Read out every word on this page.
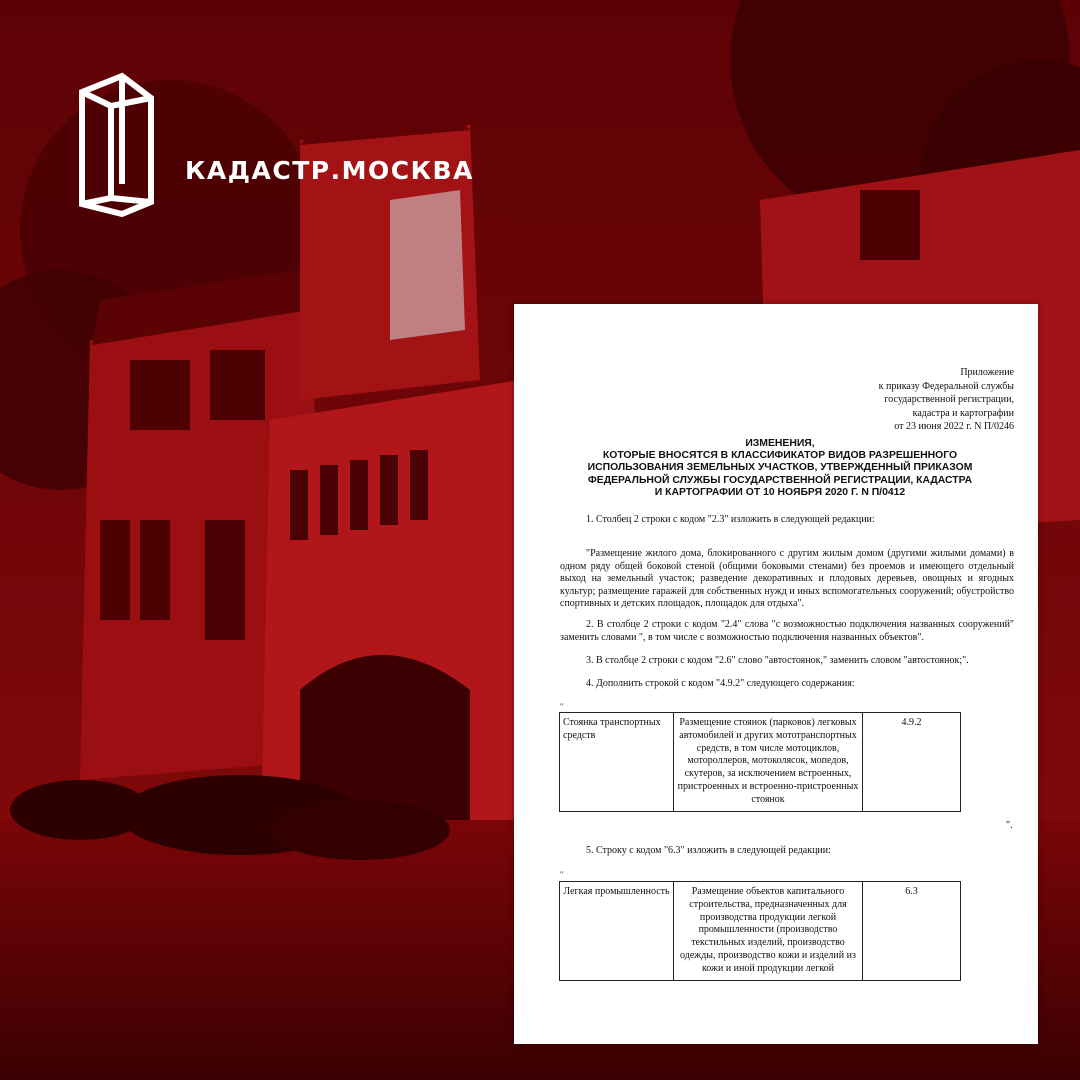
КАДАСТР.МОСКВА
Приложение
к приказу Федеральной службы
государственной регистрации,
кадастра и картографии
от 23 июня 2022 г. N П/0246
ИЗМЕНЕНИЯ,
КОТОРЫЕ ВНОСЯТСЯ В КЛАССИФИКАТОР ВИДОВ РАЗРЕШЕННОГО
ИСПОЛЬЗОВАНИЯ ЗЕМЕЛЬНЫХ УЧАСТКОВ, УТВЕРЖДЕННЫЙ ПРИКАЗОМ
ФЕДЕРАЛЬНОЙ СЛУЖБЫ ГОСУДАРСТВЕННОЙ РЕГИСТРАЦИИ, КАДАСТРА
И КАРТОГРАФИИ ОТ 10 НОЯБРЯ 2020 Г. N П/0412
1. Столбец 2 строки с кодом "2.3" изложить в следующей редакции:
"Размещение жилого дома, блокированного с другим жилым домом (другими жилыми домами) в одном ряду общей боковой стеной (общими боковыми стенами) без проемов и имеющего отдельный выход на земельный участок; разведение декоративных и плодовых деревьев, овощных и ягодных культур; размещение гаражей для собственных нужд и иных вспомогательных сооружений; обустройство спортивных и детских площадок, площадок для отдыха".
2. В столбце 2 строки с кодом "2.4" слова "с возможностью подключения названных сооружений" заменить словами ", в том числе с возможностью подключения названных объектов".
3. В столбце 2 строки с кодом "2.6" слово "автостоянок," заменить словом "автостоянок;".
4. Дополнить строкой с кодом "4.9.2" следующего содержания:
"
Стоянка транспортных средств	Размещение стоянок (парковок) легковых автомобилей и других мототранспортных средств, в том числе мотоциклов, мотороллеров, мотоколясок, мопедов, скутеров, за исключением встроенных, пристроенных и встроенно-пристроенных стоянок	4.9.2
".
5. Строку с кодом "6.3" изложить в следующей редакции:
"
Легкая промышленность	Размещение объектов капитального строительства, предназначенных для производства продукции легкой промышленности (производство текстильных изделий, производство одежды, производство кожи и изделий из кожи и иной продукции легкой	6.3
